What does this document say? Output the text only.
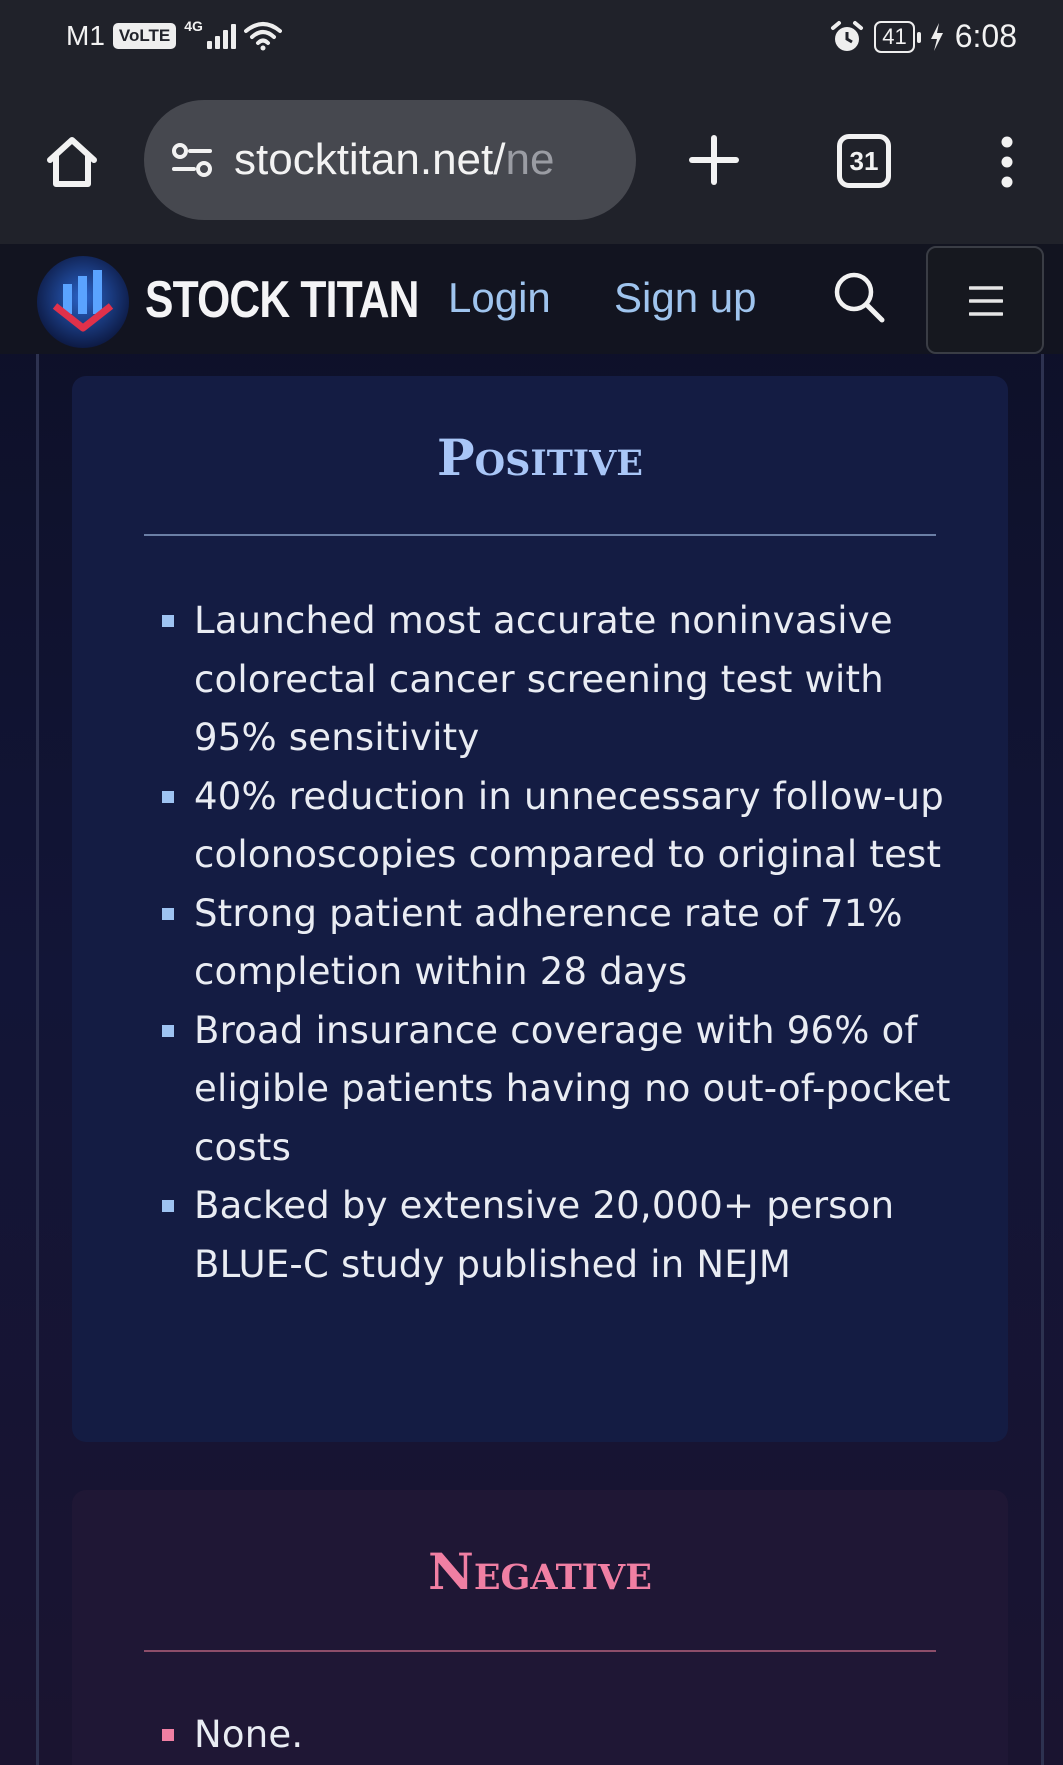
M1 VoLTE	4G	41 6:08
stocktitan.net/ne	31
STOCK TITAN Login Sign up
Positive
Launched most accurate noninvasive colorectal cancer screening test with 95% sensitivity
40% reduction in unnecessary follow-up colonoscopies compared to original test
Strong patient adherence rate of 71% completion within 28 days
Broad insurance coverage with 96% of eligible patients having no out-of-pocket costs
Backed by extensive 20,000+ person BLUE-C study published in NEJM
Negative
None.
